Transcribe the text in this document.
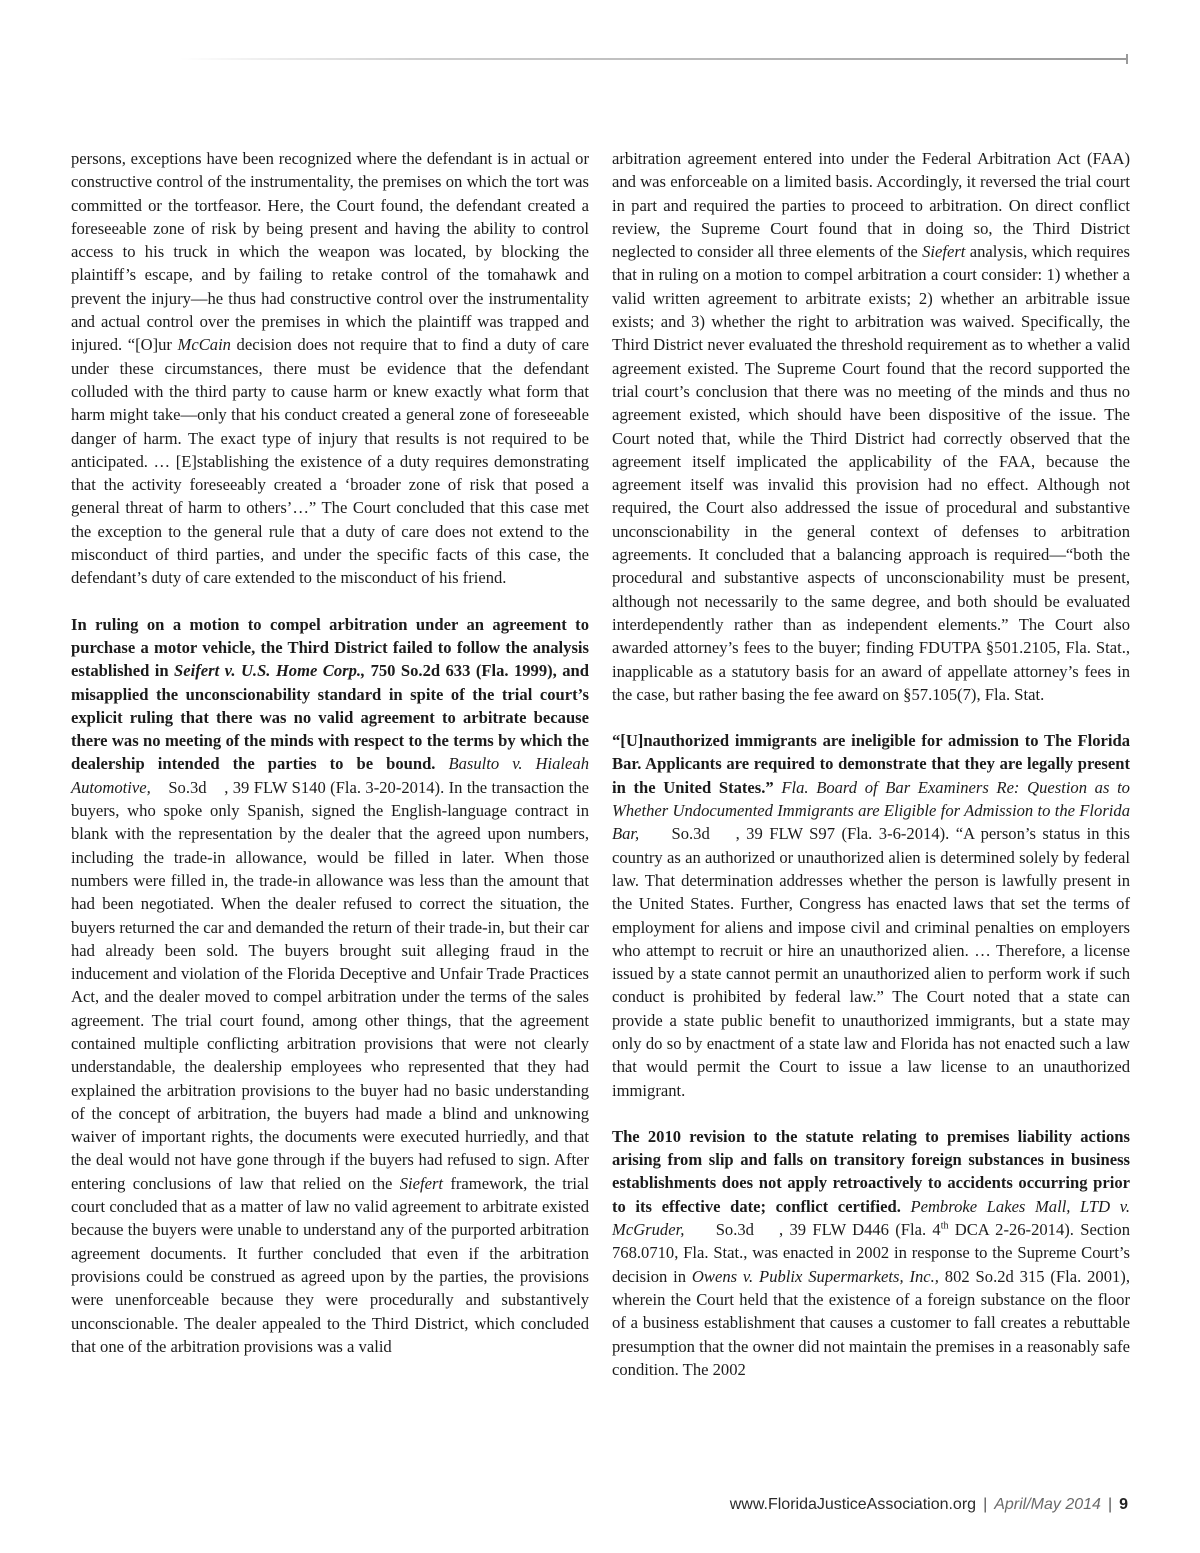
persons, exceptions have been recognized where the defendant is in actual or constructive control of the instrumentality, the premises on which the tort was committed or the tortfeasor. Here, the Court found, the defendant created a foreseeable zone of risk by being present and having the ability to control access to his truck in which the weapon was located, by blocking the plaintiff’s escape, and by failing to retake control of the tomahawk and prevent the injury—he thus had constructive control over the instrumentality and actual control over the premises in which the plaintiff was trapped and injured. “[O]ur McCain decision does not require that to find a duty of care under these circumstances, there must be evidence that the defendant colluded with the third party to cause harm or knew exactly what form that harm might take—only that his conduct created a general zone of foreseeable danger of harm. The exact type of injury that results is not required to be anticipated. … [E]stablishing the existence of a duty requires demonstrating that the activity foreseeably created a ‘broader zone of risk that posed a general threat of harm to others’…” The Court concluded that this case met the exception to the general rule that a duty of care does not extend to the misconduct of third parties, and under the specific facts of this case, the defendant’s duty of care extended to the misconduct of his friend.

In ruling on a motion to compel arbitration under an agreement to purchase a motor vehicle, the Third District failed to follow the analysis established in Seifert v. U.S. Home Corp., 750 So.2d 633 (Fla. 1999), and misapplied the unconscionability standard in spite of the trial court’s explicit ruling that there was no valid agreement to arbitrate because there was no meeting of the minds with respect to the terms by which the dealership intended the parties to be bound. Basulto v. Hialeah Automotive,    So.3d    , 39 FLW S140 (Fla. 3-20-2014). In the transaction the buyers, who spoke only Spanish, signed the English-language contract in blank with the representation by the dealer that the agreed upon numbers, including the trade-in allowance, would be filled in later. When those numbers were filled in, the trade-in allowance was less than the amount that had been negotiated. When the dealer refused to correct the situation, the buyers returned the car and demanded the return of their trade-in, but their car had already been sold. The buyers brought suit alleging fraud in the inducement and violation of the Florida Deceptive and Unfair Trade Practices Act, and the dealer moved to compel arbitration under the terms of the sales agreement. The trial court found, among other things, that the agreement contained multiple conflicting arbitration provisions that were not clearly understandable, the dealership employees who represented that they had explained the arbitration provisions to the buyer had no basic understanding of the concept of arbitration, the buyers had made a blind and unknowing waiver of important rights, the documents were executed hurriedly, and that the deal would not have gone through if the buyers had refused to sign. After entering conclusions of law that relied on the Siefert framework, the trial court concluded that as a matter of law no valid agreement to arbitrate existed because the buyers were unable to understand any of the purported arbitration agreement documents. It further concluded that even if the arbitration provisions could be construed as agreed upon by the parties, the provisions were unenforceable because they were procedurally and substantively unconscionable. The dealer appealed to the Third District, which concluded that one of the arbitration provisions was a valid

arbitration agreement entered into under the Federal Arbitration Act (FAA) and was enforceable on a limited basis. Accordingly, it reversed the trial court in part and required the parties to proceed to arbitration. On direct conflict review, the Supreme Court found that in doing so, the Third District neglected to consider all three elements of the Siefert analysis, which requires that in ruling on a motion to compel arbitration a court consider: 1) whether a valid written agreement to arbitrate exists; 2) whether an arbitrable issue exists; and 3) whether the right to arbitration was waived. Specifically, the Third District never evaluated the threshold requirement as to whether a valid agreement existed. The Supreme Court found that the record supported the trial court’s conclusion that there was no meeting of the minds and thus no agreement existed, which should have been dispositive of the issue. The Court noted that, while the Third District had correctly observed that the agreement itself implicated the applicability of the FAA, because the agreement itself was invalid this provision had no effect. Although not required, the Court also addressed the issue of procedural and substantive unconscionability in the general context of defenses to arbitration agreements. It concluded that a balancing approach is required—“both the procedural and substantive aspects of unconscionability must be present, although not necessarily to the same degree, and both should be evaluated interdependently rather than as independent elements.” The Court also awarded attorney’s fees to the buyer; finding FDUTPA §501.2105, Fla. Stat., inapplicable as a statutory basis for an award of appellate attorney’s fees in the case, but rather basing the fee award on §57.105(7), Fla. Stat.

“[U]nauthorized immigrants are ineligible for admission to The Florida Bar. Applicants are required to demonstrate that they are legally present in the United States.” Fla. Board of Bar Examiners Re: Question as to Whether Undocumented Immigrants are Eligible for Admission to the Florida Bar,     So.3d    , 39 FLW S97 (Fla. 3-6-2014). “A person’s status in this country as an authorized or unauthorized alien is determined solely by federal law. That determination addresses whether the person is lawfully present in the United States. Further, Congress has enacted laws that set the terms of employment for aliens and impose civil and criminal penalties on employers who attempt to recruit or hire an unauthorized alien. … Therefore, a license issued by a state cannot permit an unauthorized alien to perform work if such conduct is prohibited by federal law.” The Court noted that a state can provide a state public benefit to unauthorized immigrants, but a state may only do so by enactment of a state law and Florida has not enacted such a law that would permit the Court to issue a law license to an unauthorized immigrant.

The 2010 revision to the statute relating to premises liability actions arising from slip and falls on transitory foreign substances in business establishments does not apply retroactively to accidents occurring prior to its effective date; conflict certified. Pembroke Lakes Mall, LTD v. McGruder,     So.3d    , 39 FLW D446 (Fla. 4th DCA 2-26-2014). Section 768.0710, Fla. Stat., was enacted in 2002 in response to the Supreme Court’s decision in Owens v. Publix Supermarkets, Inc., 802 So.2d 315 (Fla. 2001), wherein the Court held that the existence of a foreign substance on the floor of a business establishment that causes a customer to fall creates a rebuttable presumption that the owner did not maintain the premises in a reasonably safe condition. The 2002

www.FloridaJusticeAssociation.org | April/May 2014 | 9
